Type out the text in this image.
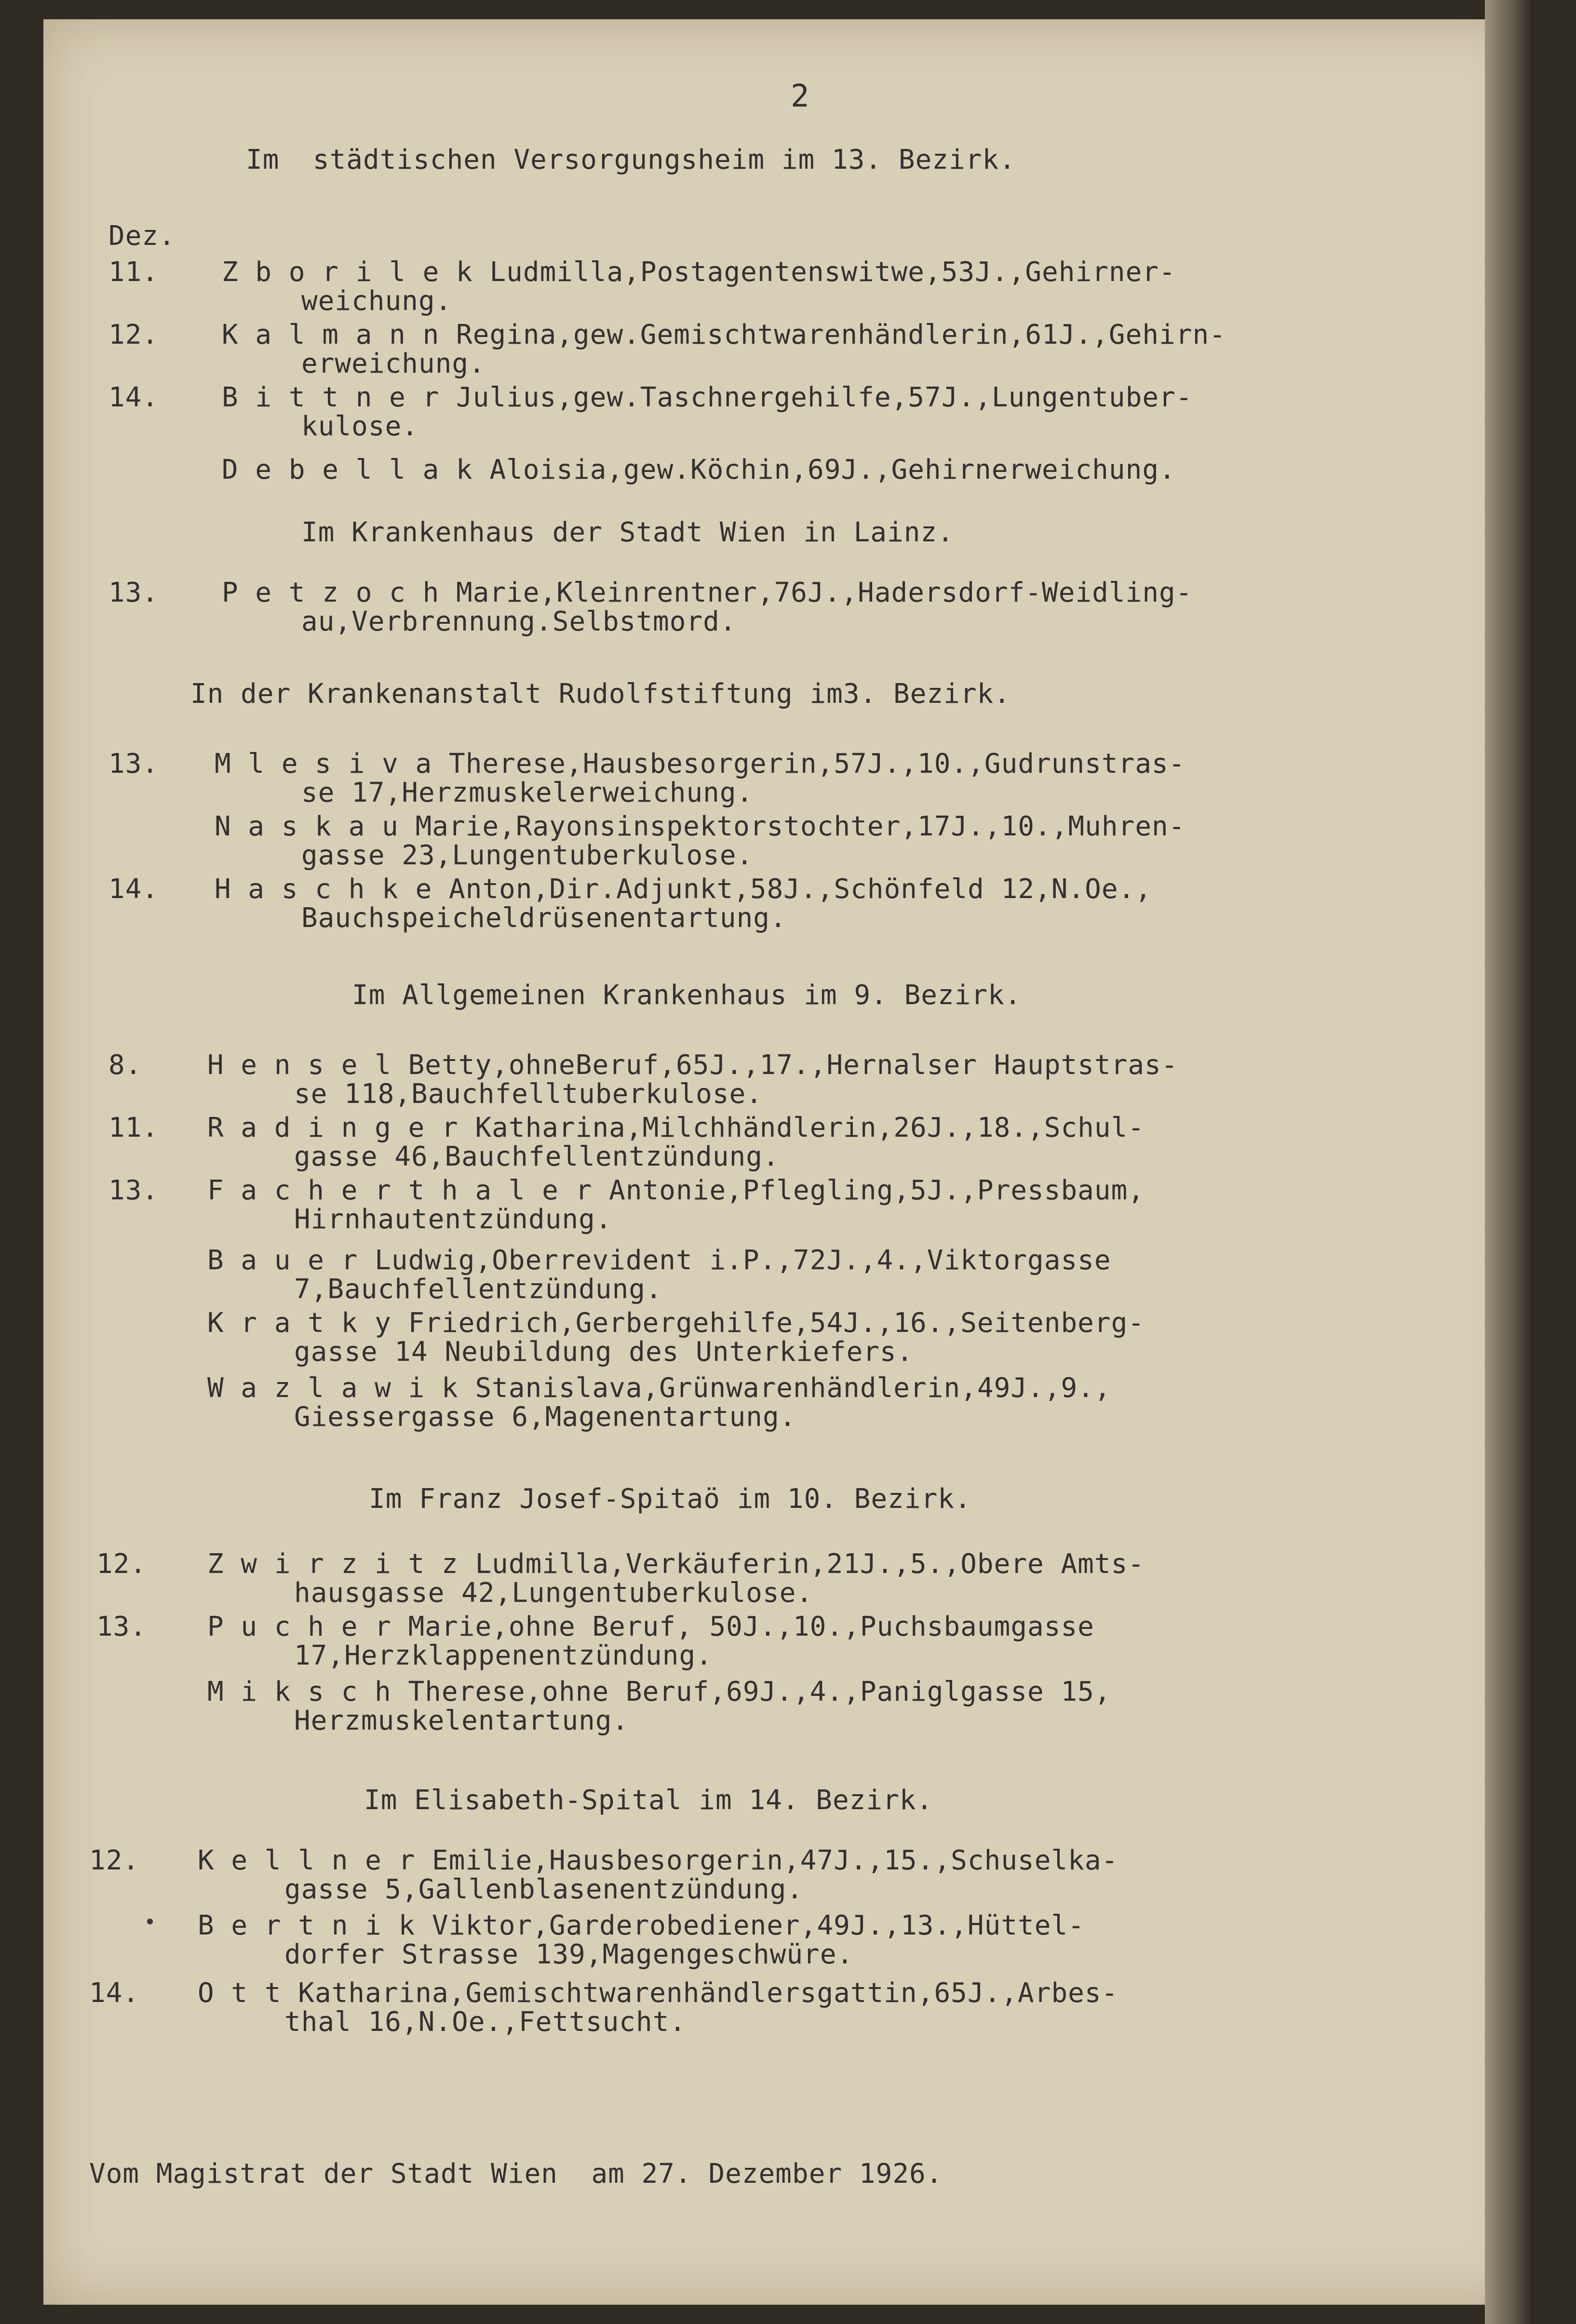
2
Im  städtischen Versorgungsheim im 13. Bezirk.
Dez.
11. Z b o r i l e k Ludmilla,Postagentenswitwe,53J.,Gehirner-
weichung.
12. K a l m a n n Regina,gew.Gemischtwarenhändlerin,61J.,Gehirn-
erweichung.
14. B i t t n e r Julius,gew.Taschnergehilfe,57J.,Lungentuber-
kulose.
D e b e l l a k Aloisia,gew.Köchin,69J.,Gehirnerweichung.
Im Krankenhaus der Stadt Wien in Lainz.
13. P e t z o c h Marie,Kleinrentner,76J.,Hadersdorf-Weidling-
au,Verbrennung.Selbstmord.
In der Krankenanstalt Rudolfstiftung im3. Bezirk.
13. M l e s i v a Therese,Hausbesorgerin,57J.,10.,Gudrunstras-
se 17,Herzmuskelerweichung.
N a s k a u Marie,Rayonsinspektorstochter,17J.,10.,Muhren-
gasse 23,Lungentuberkulose.
14. H a s c h k e Anton,Dir.Adjunkt,58J.,Schönfeld 12,N.Oe.,
Bauchspeicheldrüsenentartung.
Im Allgemeinen Krankenhaus im 9. Bezirk.
8. H e n s e l Betty,ohneBeruf,65J.,17.,Hernalser Hauptstras-
se 118,Bauchfelltuberkulose.
11. R a d i n g e r Katharina,Milchhändlerin,26J.,18.,Schul-
gasse 46,Bauchfellentzündung.
13. F a c h e r t h a l e r Antonie,Pflegling,5J.,Pressbaum,
Hirnhautentzündung.
B a u e r Ludwig,Oberrevident i.P.,72J.,4.,Viktorgasse
7,Bauchfellentzündung.
K r a t k y Friedrich,Gerbergehilfe,54J.,16.,Seitenberg-
gasse 14 Neubildung des Unterkiefers.
W a z l a w i k Stanislava,Grünwarenhändlerin,49J.,9.,
Giessergasse 6,Magenentartung.
Im Franz Josef-Spitaö im 10. Bezirk.
12. Z w i r z i t z Ludmilla,Verkäuferin,21J.,5.,Obere Amts-
hausgasse 42,Lungentuberkulose.
13. P u c h e r Marie,ohne Beruf, 50J.,10.,Puchsbaumgasse
17,Herzklappenentzündung.
M i k s c h Therese,ohne Beruf,69J.,4.,Paniglgasse 15,
Herzmuskelentartung.
Im Elisabeth-Spital im 14. Bezirk.
12. K e l l n e r Emilie,Hausbesorgerin,47J.,15.,Schuselka-
gasse 5,Gallenblasenentzündung.
B e r t n i k Viktor,Garderobediener,49J.,13.,Hüttel-
dorfer Strasse 139,Magengeschwüre.
14. O t t Katharina,Gemischtwarenhändlersgattin,65J.,Arbes-
thal 16,N.Oe.,Fettsucht.
Vom Magistrat der Stadt Wien  am 27. Dezember 1926.
